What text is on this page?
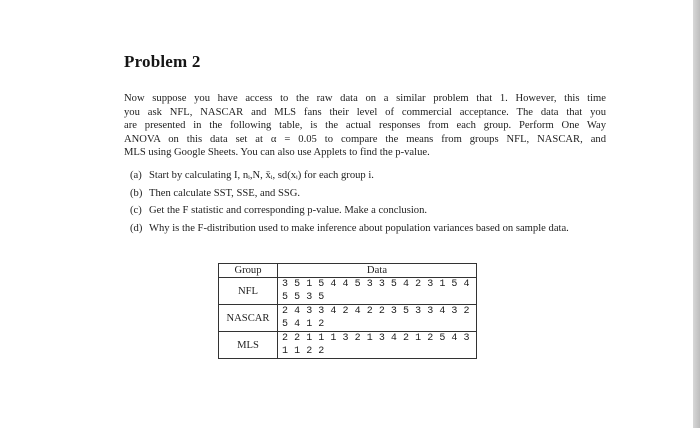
Problem 2

Now suppose you have access to the raw data on a similar problem that 1. However, this time
you ask NFL, NASCAR and MLS fans their level of commercial acceptance. The data that you
are presented in the following table, is the actual responses from each group. Perform One Way
ANOVA on this data set at α = 0.05 to compare the means from groups NFL, NASCAR, and
MLS using Google Sheets. You can also use Applets to find the p-value.

(a) Start by calculating I, nᵢ,N, x̄ᵢ, sd(xᵢ) for each group i.
(b) Then calculate SST, SSE, and SSG.
(c) Get the F statistic and corresponding p-value. Make a conclusion.
(d) Why is the F-distribution used to make inference about population variances based on sample data.
Group	Data
NFL	3 5 1 5 4 4 5 3 3 5 4 2 3 1 5 4 5 5 3 5
NASCAR	2 4 3 3 4 2 4 2 2 3 5 3 3 4 3 2 5 4 1 2
MLS	2 2 1 1 1 3 2 1 3 4 2 1 2 5 4 3 1 1 2 2
